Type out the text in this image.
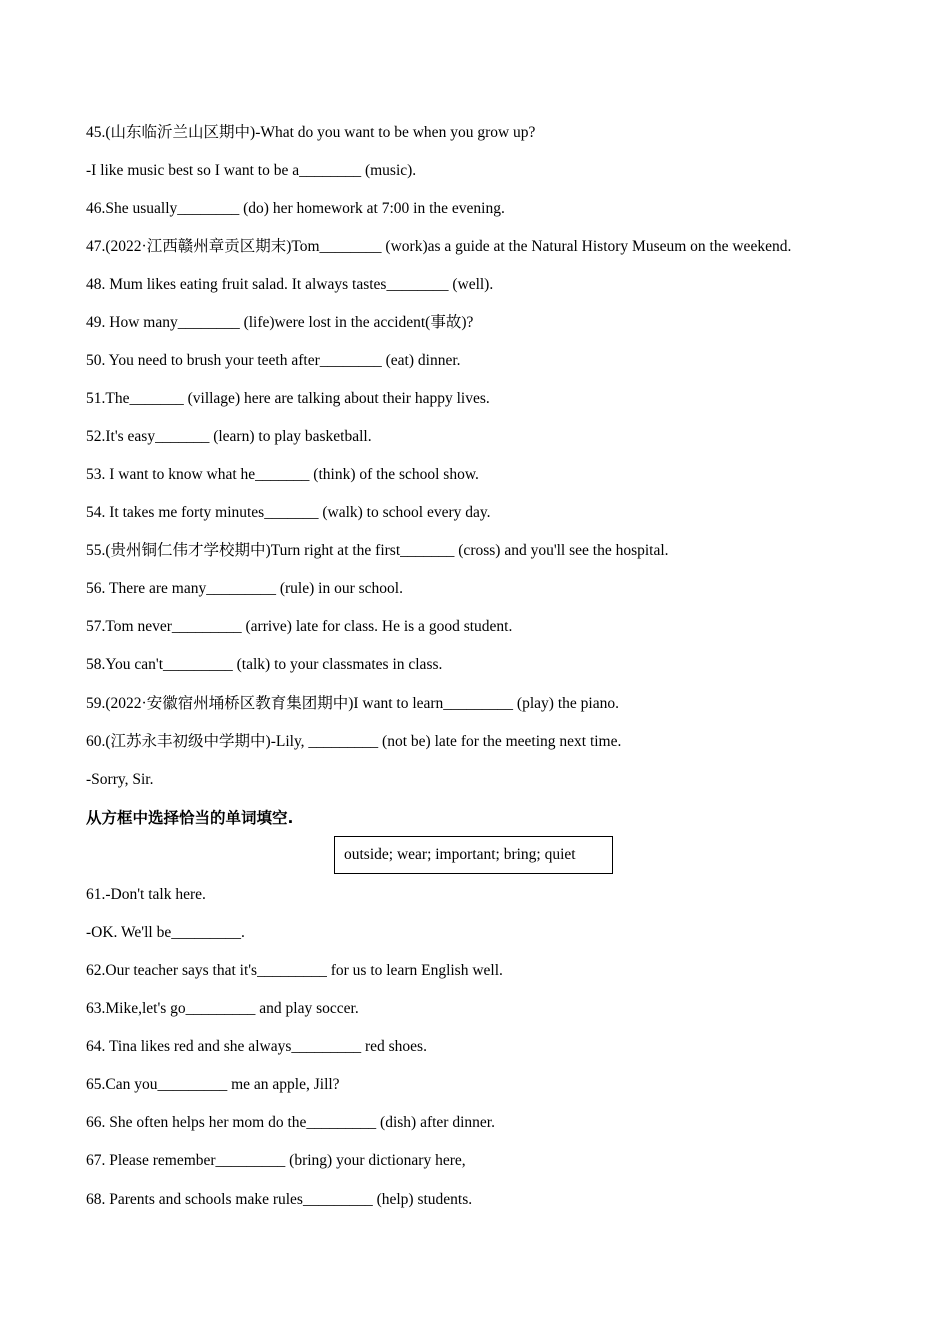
45.(山东临沂兰山区期中)-What do you want to be when you grow up?
-I like music best so I want to be a________ (music).
46.She usually________ (do) her homework at 7:00 in the evening.
47.(2022·江西赣州章贡区期末)Tom________ (work)as a guide at the Natural History Museum on the weekend.
48. Mum likes eating fruit salad. It always tastes________ (well).
49. How many________ (life)were lost in the accident(事故)?
50. You need to brush your teeth after________ (eat) dinner.
51.The_______ (village) here are talking about their happy lives.
52.It's easy_______ (learn) to play basketball.
53. I want to know what he_______ (think) of the school show.
54. It takes me forty minutes_______ (walk) to school every day.
55.(贵州铜仁伟才学校期中)Turn right at the first_______ (cross) and you'll see the hospital.
56. There are many_________ (rule) in our school.
57.Tom never_________ (arrive) late for class. He is a good student.
58.You can't_________ (talk) to your classmates in class.
59.(2022·安徽宿州埇桥区教育集团期中)I want to learn_________ (play) the piano.
60.(江苏永丰初级中学期中)-Lily, _________ (not be) late for the meeting next time.
-Sorry, Sir.
从方框中选择恰当的单词填空.
outside; wear; important; bring; quiet
61.-Don't talk here.
-OK. We'll be_________.
62.Our teacher says that it's_________ for us to learn English well.
63.Mike,let's go_________ and play soccer.
64. Tina likes red and she always_________ red shoes.
65.Can you_________ me an apple, Jill?
66. She often helps her mom do the_________ (dish) after dinner.
67. Please remember_________ (bring) your dictionary here,
68. Parents and schools make rules_________ (help) students.
